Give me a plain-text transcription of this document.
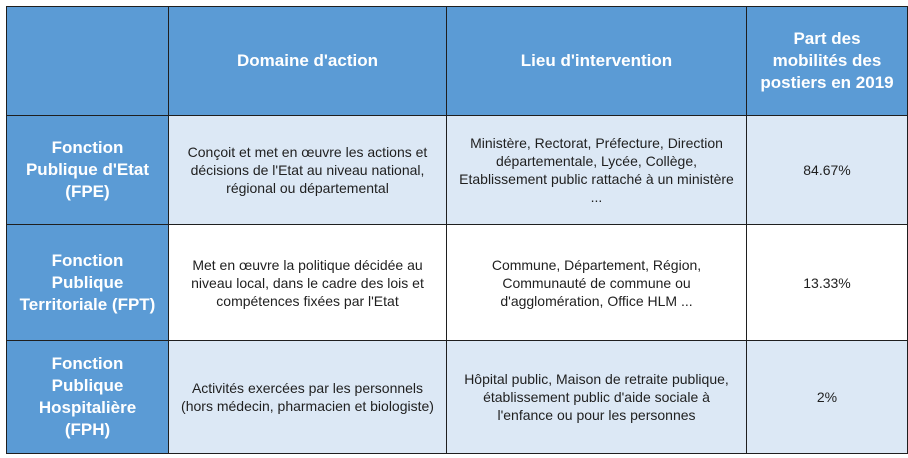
	Domaine d'action	Lieu d'intervention	Part des mobilités des postiers en 2019
Fonction Publique d'Etat (FPE)	Conçoit et met en œuvre les actions et décisions de l'Etat au niveau national, régional ou départemental	Ministère, Rectorat, Préfecture, Direction départementale, Lycée, Collège, Etablissement public rattaché à un ministère ...	84.67%
Fonction Publique Territoriale (FPT)	Met en œuvre la politique décidée au niveau local, dans le cadre des lois et compétences fixées par l'Etat	Commune, Département, Région, Communauté de commune ou d'agglomération, Office HLM ...	13.33%
Fonction Publique Hospitalière (FPH)	Activités exercées par les personnels (hors médecin, pharmacien et biologiste)	Hôpital public, Maison de retraite publique, établissement public d'aide sociale à l'enfance ou pour les personnes	2%
